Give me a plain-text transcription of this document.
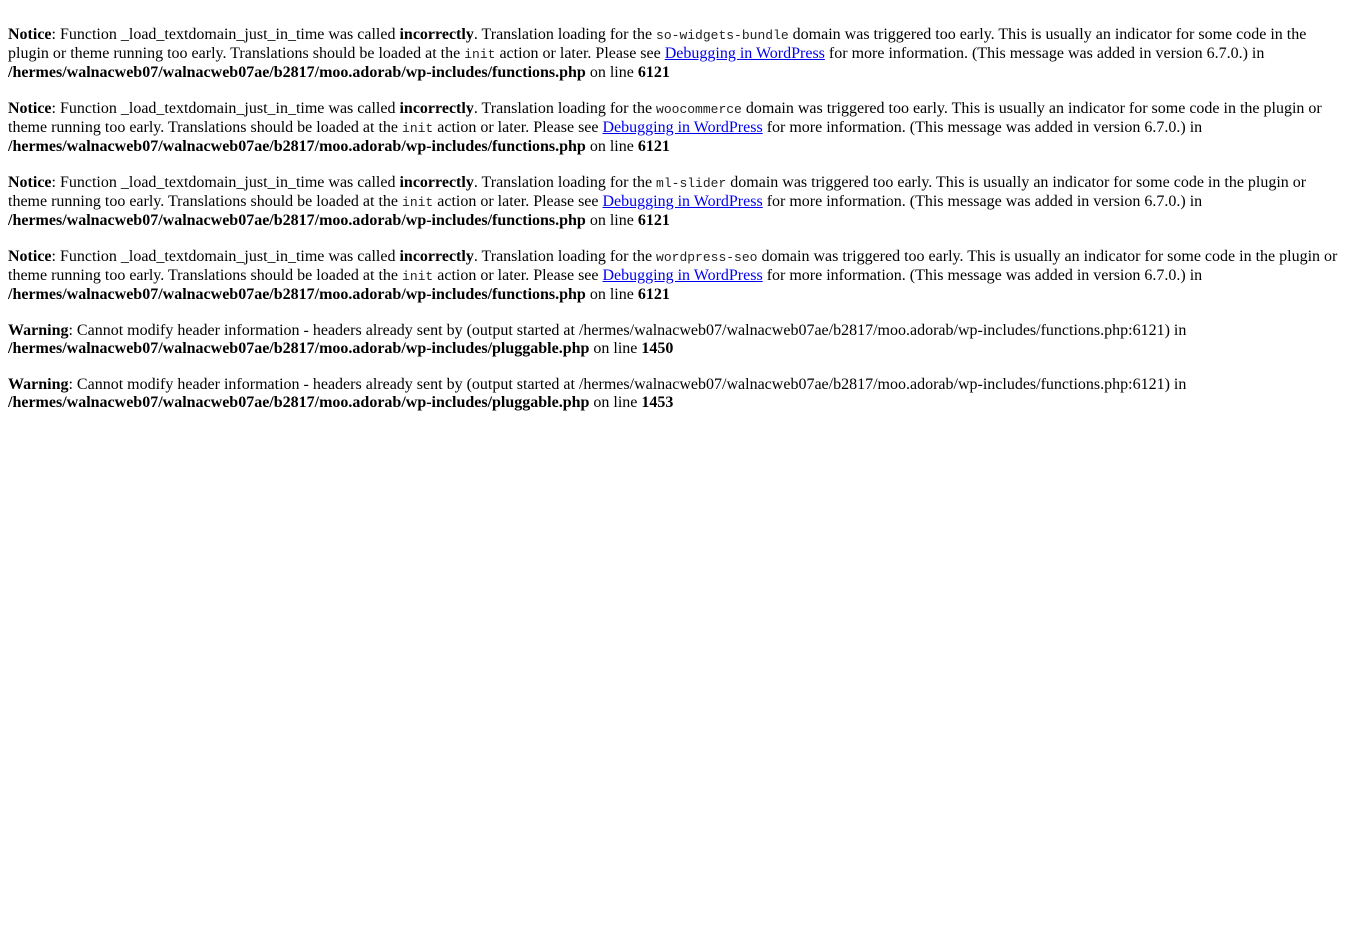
Notice: Function _load_textdomain_just_in_time was called incorrectly. Translation loading for the so-widgets-bundle domain was triggered too early. This is usually an indicator for some code in the plugin or theme running too early. Translations should be loaded at the init action or later. Please see Debugging in WordPress for more information. (This message was added in version 6.7.0.) in /hermes/walnacweb07/walnacweb07ae/b2817/moo.adorab/wp-includes/functions.php on line 6121

Notice: Function _load_textdomain_just_in_time was called incorrectly. Translation loading for the woocommerce domain was triggered too early. This is usually an indicator for some code in the plugin or theme running too early. Translations should be loaded at the init action or later. Please see Debugging in WordPress for more information. (This message was added in version 6.7.0.) in /hermes/walnacweb07/walnacweb07ae/b2817/moo.adorab/wp-includes/functions.php on line 6121

Notice: Function _load_textdomain_just_in_time was called incorrectly. Translation loading for the ml-slider domain was triggered too early. This is usually an indicator for some code in the plugin or theme running too early. Translations should be loaded at the init action or later. Please see Debugging in WordPress for more information. (This message was added in version 6.7.0.) in /hermes/walnacweb07/walnacweb07ae/b2817/moo.adorab/wp-includes/functions.php on line 6121

Notice: Function _load_textdomain_just_in_time was called incorrectly. Translation loading for the wordpress-seo domain was triggered too early. This is usually an indicator for some code in the plugin or theme running too early. Translations should be loaded at the init action or later. Please see Debugging in WordPress for more information. (This message was added in version 6.7.0.) in /hermes/walnacweb07/walnacweb07ae/b2817/moo.adorab/wp-includes/functions.php on line 6121

Warning: Cannot modify header information - headers already sent by (output started at /hermes/walnacweb07/walnacweb07ae/b2817/moo.adorab/wp-includes/functions.php:6121) in /hermes/walnacweb07/walnacweb07ae/b2817/moo.adorab/wp-includes/pluggable.php on line 1450

Warning: Cannot modify header information - headers already sent by (output started at /hermes/walnacweb07/walnacweb07ae/b2817/moo.adorab/wp-includes/functions.php:6121) in /hermes/walnacweb07/walnacweb07ae/b2817/moo.adorab/wp-includes/pluggable.php on line 1453
